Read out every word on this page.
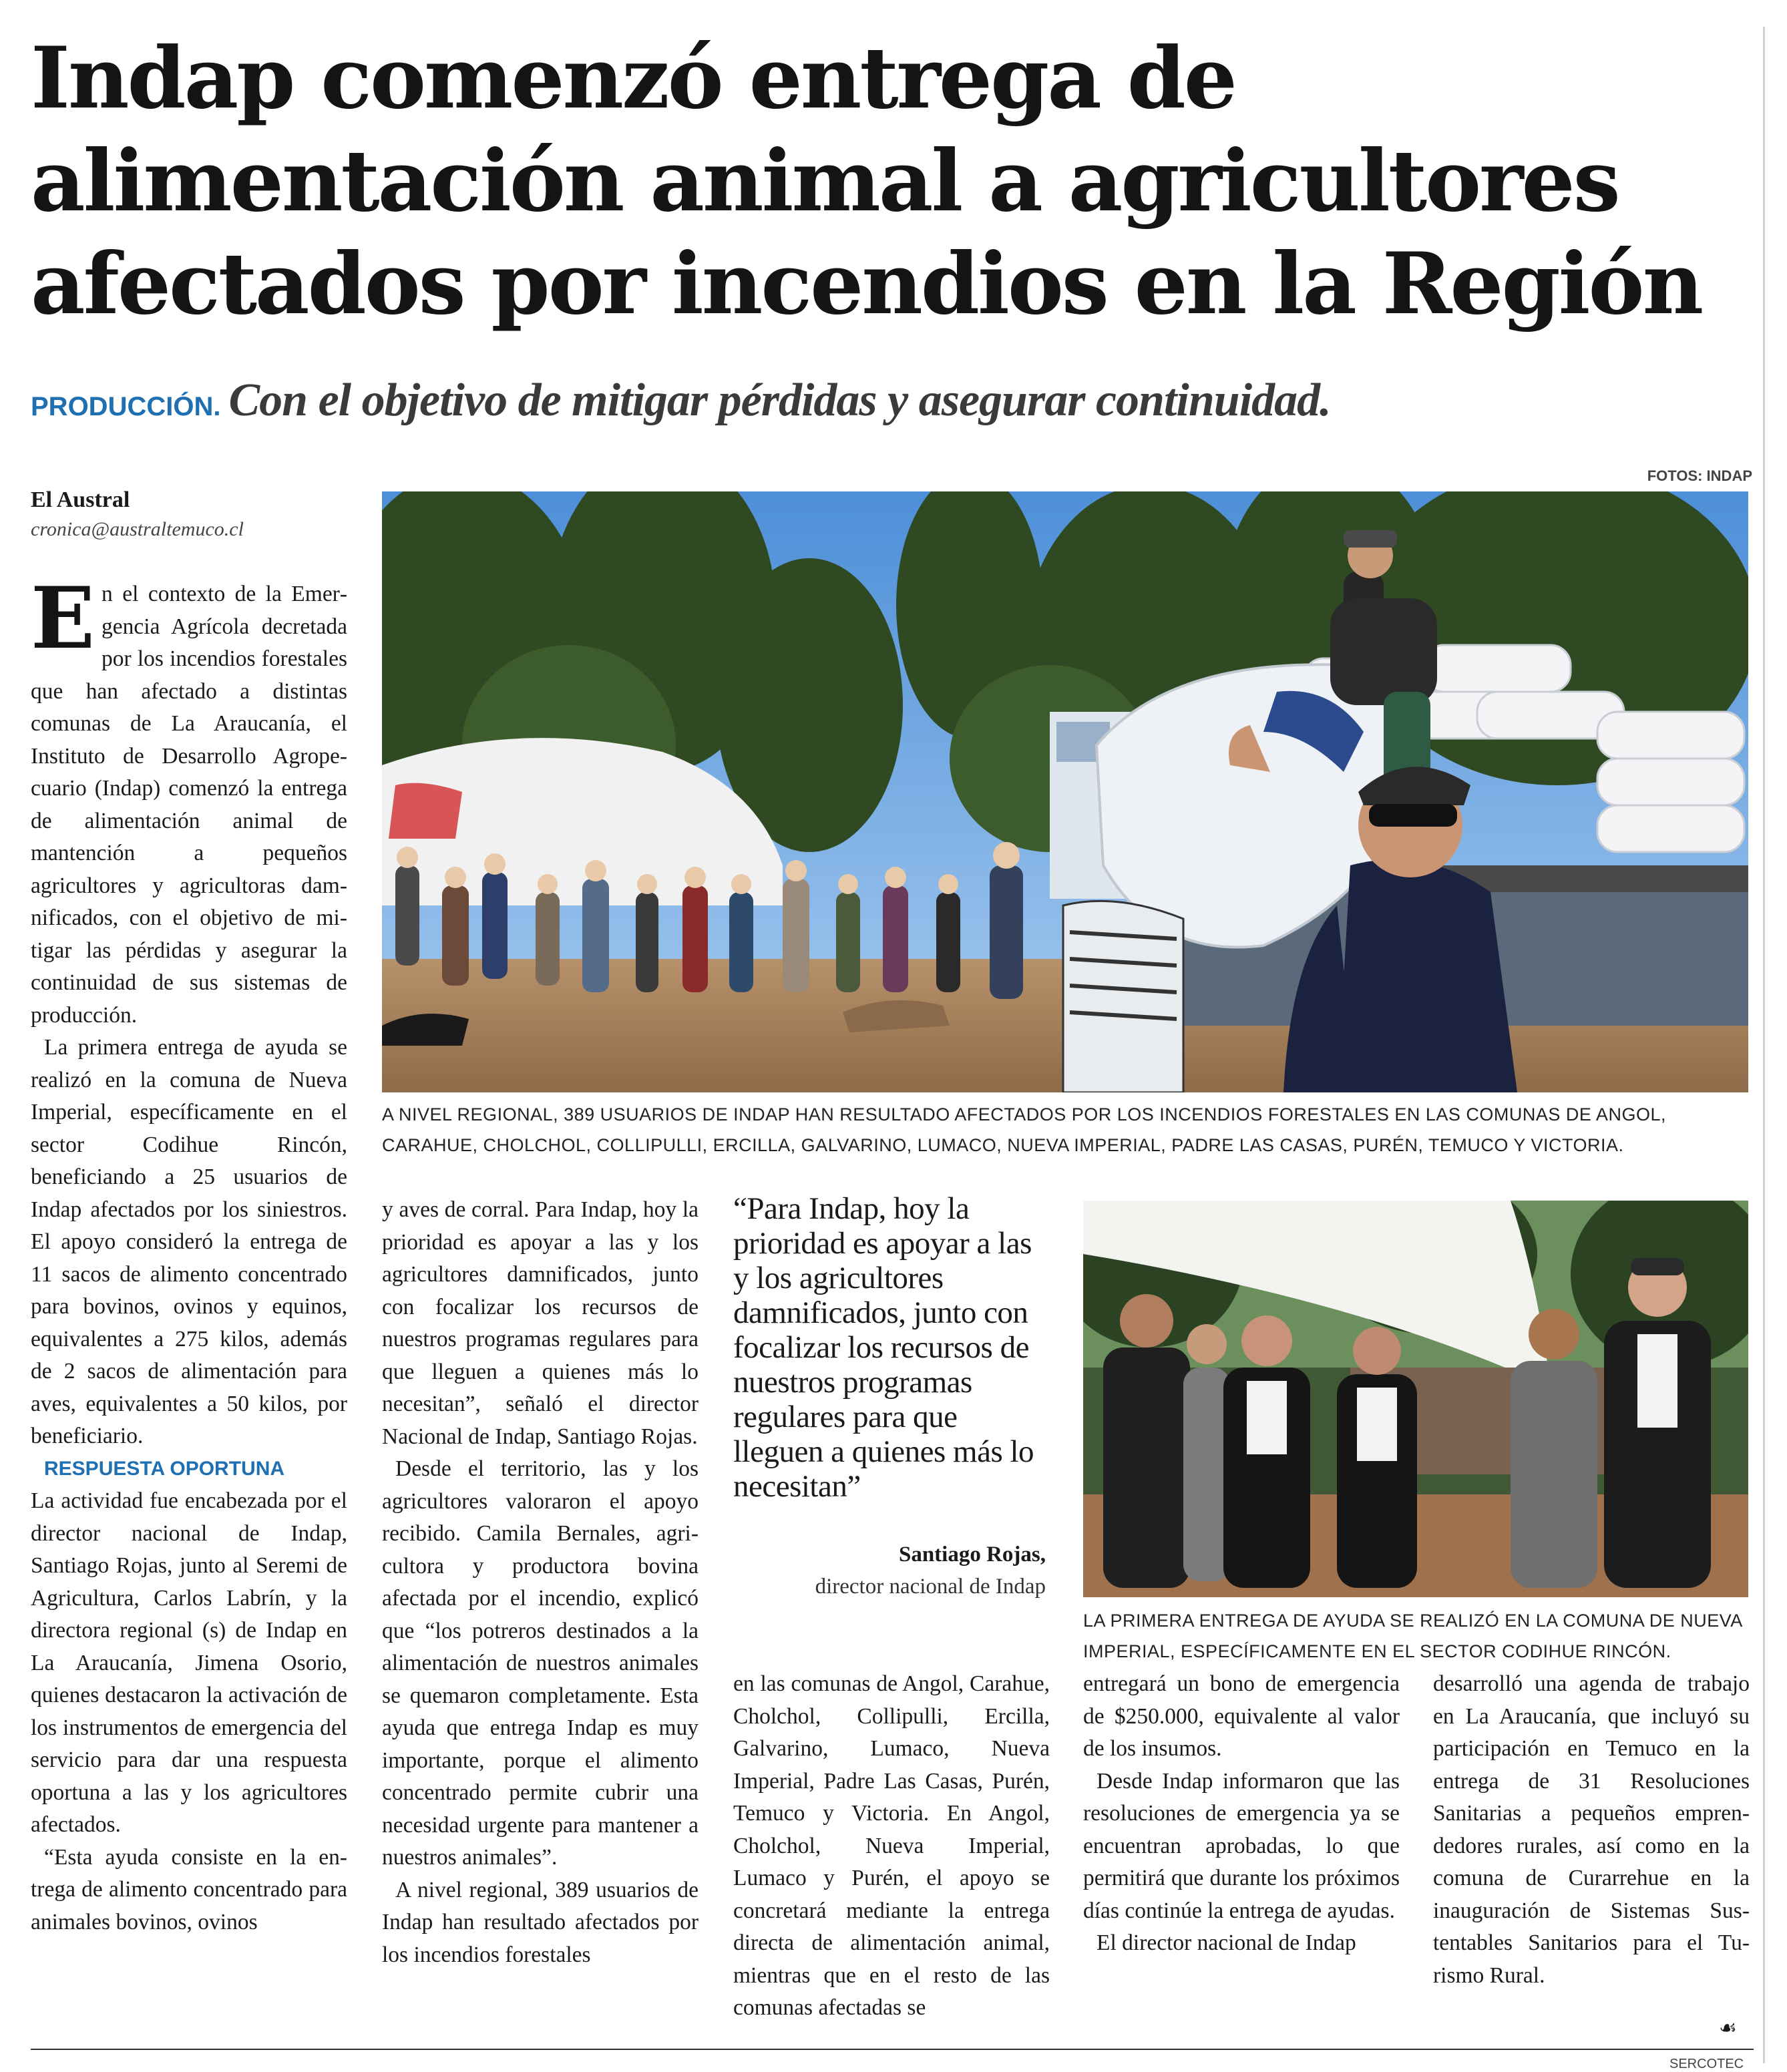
Indap comenzó entrega de alimentación animal a agricultores afectados por incendios en la Región
PRODUCCIÓN. Con el objetivo de mitigar pérdidas y asegurar continuidad.
FOTOS: INDAP
El Austral
cronica@australtemuco.cl
A NIVEL REGIONAL, 389 USUARIOS DE INDAP HAN RESULTADO AFECTADOS POR LOS INCENDIOS FORESTALES EN LAS COMUNAS DE ANGOL, CARAHUE, CHOLCHOL, COLLIPULLI, ERCILLA, GALVARINO, LUMACO, NUEVA IMPERIAL, PADRE LAS CASAS, PURÉN, TEMUCO Y VICTORIA.
LA PRIMERA ENTREGA DE AYUDA SE REALIZÓ EN LA COMUNA DE NUEVA IMPERIAL, ESPECÍFICAMENTE EN EL SECTOR CODIHUE RINCÓN.

En el contexto de la Emergencia Agrícola decretada por los incendios forestales que han afectado a distintas comunas de La Araucanía, el Instituto de Desarrollo Agropecuario (Indap) comenzó la entrega de alimentación animal de mantención a pequeños agricultores y agricultoras damnificados, con el objetivo de mitigar las pérdidas y asegurar la continuidad de sus sistemas de producción.

La primera entrega de ayuda se realizó en la comuna de Nueva Imperial, específicamente en el sector Codihue Rincón, beneficiando a 25 usuarios de Indap afectados por los siniestros. El apoyo consideró la entrega de 11 sacos de alimento concentrado para bovinos, ovinos y equinos, equivalentes a 275 kilos, además de 2 sacos de alimentación para aves, equivalentes a 50 kilos, por beneficiario.

RESPUESTA OPORTUNA

La actividad fue encabezada por el director nacional de Indap, Santiago Rojas, junto al Seremi de Agricultura, Carlos Labrín, y la directora regional (s) de Indap en La Araucanía, Jimena Osorio, quienes destacaron la activación de los instrumentos de emergencia del servicio para dar una respuesta oportuna a las y los agricultores afectados.

“Esta ayuda consiste en la entrega de alimento concentrado para animales bovinos, ovinos

y aves de corral. Para Indap, hoy la prioridad es apoyar a las y los agricultores damnificados, junto con focalizar los recursos de nuestros programas regulares para que lleguen a quienes más lo necesitan”, señaló el director Nacional de Indap, Santiago Rojas.

Desde el territorio, las y los agricultores valoraron el apoyo recibido. Camila Bernales, agricultora y productora bovina afectada por el incendio, explicó que “los potreros destinados a la alimentación de nuestros animales se quemaron completamente. Esta ayuda que entrega Indap es muy importante, porque el alimento concentrado permite cubrir una necesidad urgente para mantener a nuestros animales”.

A nivel regional, 389 usuarios de Indap han resultado afectados por los incendios forestales

“Para Indap, hoy la prioridad es apoyar a las y los agricultores damnificados, junto con focalizar los recursos de nuestros programas regulares para que lleguen a quienes más lo necesitan”
Santiago Rojas,
director nacional de Indap

en las comunas de Angol, Carahue, Cholchol, Collipulli, Ercilla, Galvarino, Lumaco, Nueva Imperial, Padre Las Casas, Purén, Temuco y Victoria. En Angol, Cholchol, Nueva Imperial, Lumaco y Purén, el apoyo se concretará mediante la entrega directa de alimentación animal, mientras que en el resto de las comunas afectadas se

entregará un bono de emergencia de $250.000, equivalente al valor de los insumos.

Desde Indap informaron que las resoluciones de emergencia ya se encuentran aprobadas, lo que permitirá que durante los próximos días continúe la entrega de ayudas.

El director nacional de Indap

desarrolló una agenda de trabajo en La Araucanía, que incluyó su participación en Temuco en la entrega de 31 Resoluciones Sanitarias a pequeños emprendedores rurales, así como en la comuna de Curarrehue en la inauguración de Sistemas Sustentables Sanitarios para el Turismo Rural.

☙
SERCOTEC
